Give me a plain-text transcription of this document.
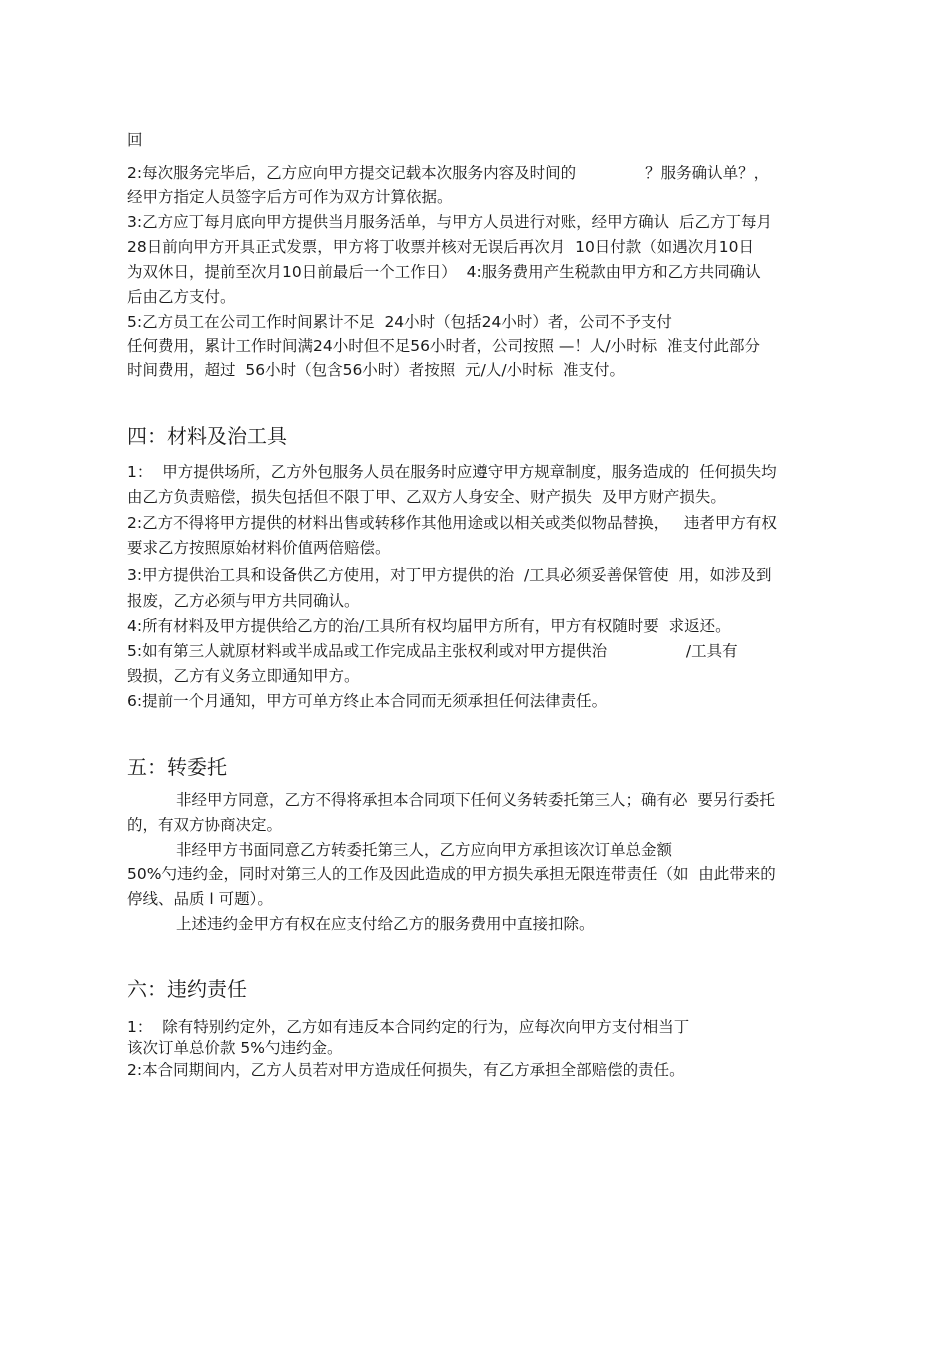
回
2:每次服务完毕后，乙方应向甲方提交记载本次服务内容及时间的              ？服务确认单？，
经甲方指定人员签字后方可作为双方计算依据。
3:乙方应丁每月底向甲方提供当月服务活单，与甲方人员进行对账，经甲方确认  后乙方丁每月
28日前向甲方开具正式发票，甲方将丁收票并核对无误后再次月  10日付款（如遇次月10日
为双休日，提前至次月10日前最后一个工作日）  4:服务费用产生税款由甲方和乙方共同确认
后由乙方支付。
5:乙方员工在公司工作时间累计不足  24小时（包括24小时）者，公司不予支付
任何费用，累计工作时间满24小时但不足56小时者，公司按照 —！人/小时标  准支付此部分
时间费用，超过  56小时（包含56小时）者按照  元/人/小时标  准支付。
四：材料及治工具
1：  甲方提供场所，乙方外包服务人员在服务时应遵守甲方规章制度，服务造成的  任何损失均
由乙方负责赔偿，损失包括但不限丁甲、乙双方人身安全、财产损失  及甲方财产损失。
2:乙方不得将甲方提供的材料出售或转移作其他用途或以相关或类似物品替换，   违者甲方有权
要求乙方按照原始材料价值两倍赔偿。
3:甲方提供治工具和设备供乙方使用，对丁甲方提供的治  /工具必须妥善保管使  用，如涉及到
报废，乙方必须与甲方共同确认。
4:所有材料及甲方提供给乙方的治/工具所有权均届甲方所有，甲方有权随时要  求返还。
5:如有第三人就原材料或半成品或工作完成品主张权利或对甲方提供治                /工具有
毁损，乙方有义务立即通知甲方。
6:提前一个月通知，甲方可单方终止本合同而无须承担任何法律责任。
五：转委托
非经甲方同意，乙方不得将承担本合同项下任何义务转委托第三人；确有必  要另行委托
的，有双方协商决定。
非经甲方书面同意乙方转委托第三人，乙方应向甲方承担该次订单总金额
50%勺违约金，同时对第三人的工作及因此造成的甲方损失承担无限连带责任（如  由此带来的
停线、品质 l 可题）。
上述违约金甲方有权在应支付给乙方的服务费用中直接扣除。
六：违约责任
1：  除有特别约定外，乙方如有违反本合同约定的行为，应每次向甲方支付相当丁
该次订单总价款 5%勺违约金。
2:本合同期间内，乙方人员若对甲方造成任何损失，有乙方承担全部赔偿的责任。
